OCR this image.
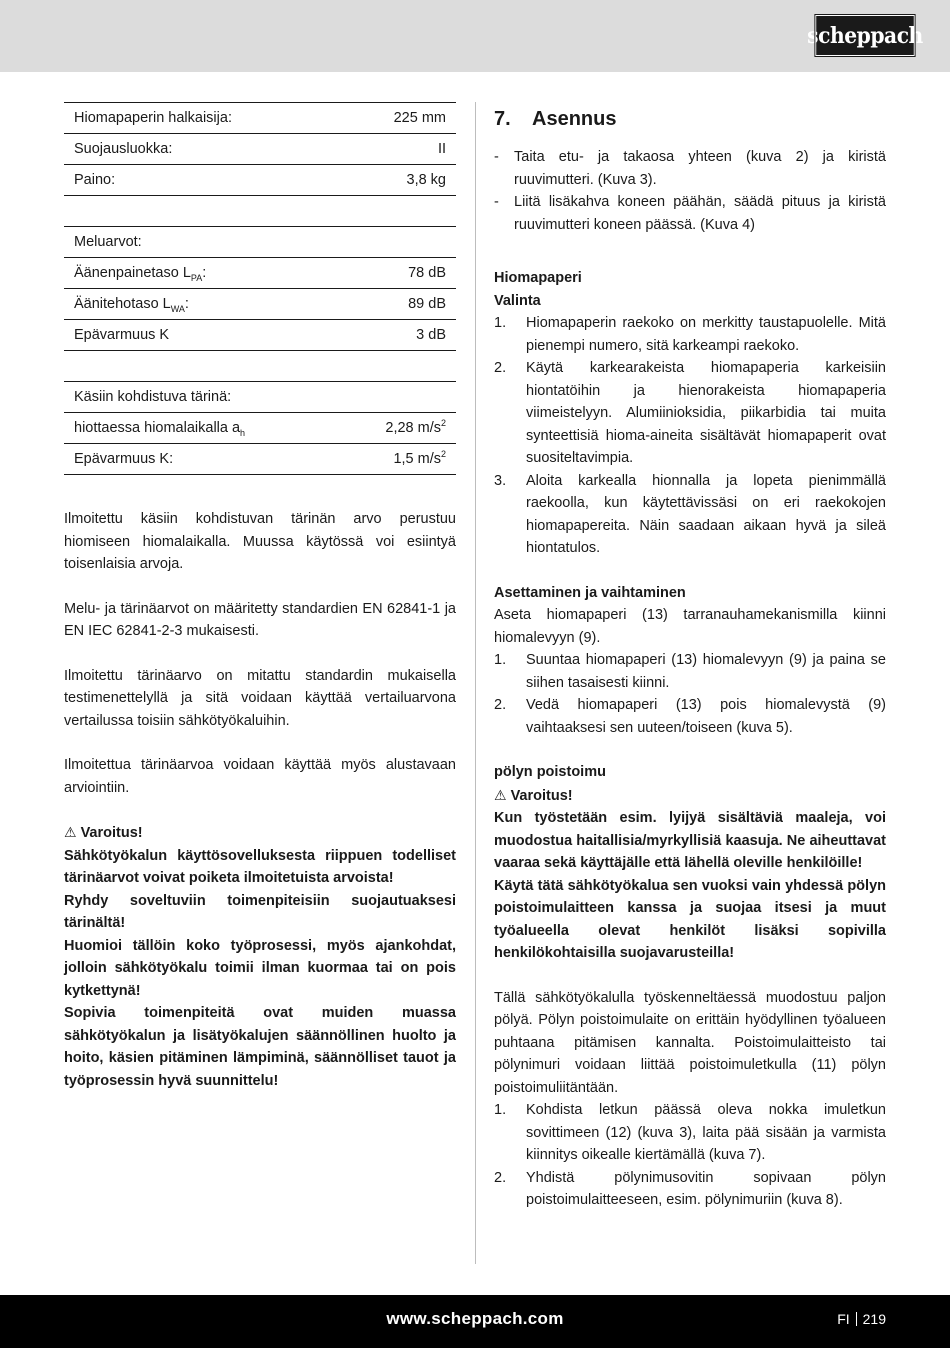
scheppach
Hiomapaperin halkaisija:	225 mm
Suojausluokka:	II
Paino:	3,8 kg

Meluarvot:	
Äänenpainetaso $L_{PA}$:	78 dB
Äänitehotaso $L_{WA}$:	89 dB
Epävarmuus K	3 dB

Käsiin kohdistuva tärinä:	
hiottaessa hiomalaikalla $a_h$	2,28 $m/s^2$
Epävarmuus K:	1,5 $m/s^2$

Ilmoitettu käsiin kohdistuvan tärinän arvo perustuu hiomiseen hiomalaikalla. Muussa käytössä voi esiintyä toisenlaisia arvoja.

Melu- ja tärinäarvot on määritetty standardien EN 62841-1 ja EN IEC 62841-2-3 mukaisesti.

Ilmoitettu tärinäarvo on mitattu standardin mukaisella testimenettelyllä ja sitä voidaan käyttää vertailuarvona vertailussa toisiin sähkötyökaluihin.

Ilmoitettua tärinäarvoa voidaan käyttää myös alustavaan arviointiin.

⚠ Varoitus!

Sähkötyökalun käyttösovelluksesta riippuen todelliset tärinäarvot voivat poiketa ilmoitetuista arvoista!

Ryhdy soveltuviin toimenpiteisiin suojautuaksesi tärinältä!

Huomioi tällöin koko työprosessi, myös ajankohdat, jolloin sähkötyökalu toimii ilman kuormaa tai on pois kytkettynä!

Sopivia toimenpiteitä ovat muiden muassa sähkötyökalun ja lisätyökalujen säännöllinen huolto ja hoito, käsien pitäminen lämpiminä, säännölliset tauot ja työprosessin hyvä suunnittelu!

7. Asennus
- Taita etu- ja takaosa yhteen (kuva 2) ja kiristä ruuvimutteri. (Kuva 3).
- Liitä lisäkahva koneen päähän, säädä pituus ja kiristä ruuvimutteri koneen päässä. (Kuva 4)
Hiomapaperi
Valinta
1. Hiomapaperin raekoko on merkitty taustapuolelle. Mitä pienempi numero, sitä karkeampi raekoko.
2. Käytä karkearakeista hiomapaperia karkeisiin hiontatöihin ja hienorakeista hiomapaperia viimeistelyyn. Alumiinioksidia, piikarbidia tai muita synteettisiä hioma-aineita sisältävät hiomapaperit ovat suositeltavimpia.
3. Aloita karkealla hionnalla ja lopeta pienimmällä raekoolla, kun käytettävissäsi on eri raekokojen hiomapapereita. Näin saadaan aikaan hyvä ja sileä hiontatulos.
Asettaminen ja vaihtaminen

Aseta hiomapaperi (13) tarranauhamekanismilla kiinni hiomalevyyn (9).

1. Suuntaa hiomapaperi (13) hiomalevyyn (9) ja paina se siihen tasaisesti kiinni.
2. Vedä hiomapaperi (13) pois hiomalevystä (9) vaihtaaksesi sen uuteen/toiseen (kuva 5).
pölyn poistoimu
⚠ Varoitus!

Kun työstetään esim. lyijyä sisältäviä maaleja, voi muodostua haitallisia/myrkyllisiä kaasuja. Ne aiheuttavat vaaraa sekä käyttäjälle että lähellä oleville henkilöille!

Käytä tätä sähkötyökalua sen vuoksi vain yhdessä pölyn poistoimulaitteen kanssa ja suojaa itsesi ja muut työalueella olevat henkilöt lisäksi sopivilla henkilökohtaisilla suojavarusteilla!

Tällä sähkötyökalulla työskenneltäessä muodostuu paljon pölyä. Pölyn poistoimulaite on erittäin hyödyllinen työalueen puhtaana pitämisen kannalta. Poistoimulaitteisto tai pölynimuri voidaan liittää poistoimuletkulla (11) pölyn poistoimuliitäntään.

1. Kohdista letkun päässä oleva nokka imuletkun sovittimeen (12) (kuva 3), laita pää sisään ja varmista kiinnitys oikealle kiertämällä (kuva 7).
2. Yhdistä pölynimusovitin sopivaan pölyn poistoimulaitteeseen, esim. pölynimuriin (kuva 8).
www.scheppach.com	FI 219
